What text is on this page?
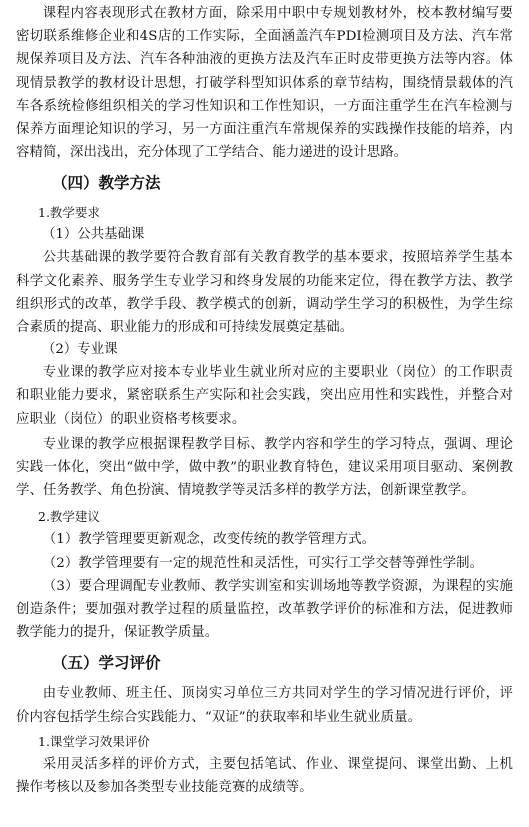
课程内容表现形式在教材方面，除采用中职中专规划教材外，校本教材编写要密切联系维修企业和4S店的工作实际，全面涵盖汽车PDI检测项目及方法、汽车常规保养项目及方法、汽车各种油液的更换方法及汽车正时皮带更换方法等内容。体现情景教学的教材设计思想，打破学科型知识体系的章节结构，围绕情景载体的汽车各系统检修组织相关的学习性知识和工作性知识，一方面注重学生在汽车检测与保养方面理论知识的学习，另一方面注重汽车常规保养的实践操作技能的培养，内容精简，深出浅出，充分体现了工学结合、能力递进的设计思路。

（四）教学方法
1.教学要求
（1）公共基础课

公共基础课的教学要符合教育部有关教育教学的基本要求，按照培养学生基本科学文化素养、服务学生专业学习和终身发展的功能来定位，得在教学方法、教学组织形式的改革，教学手段、教学模式的创新，调动学生学习的积极性，为学生综合素质的提高、职业能力的形成和可持续发展奠定基础。

（2）专业课

专业课的教学应对接本专业毕业生就业所对应的主要职业（岗位）的工作职责和职业能力要求，紧密联系生产实际和社会实践，突出应用性和实践性，并整合对应职业（岗位）的职业资格考核要求。

专业课的教学应根据课程教学目标、教学内容和学生的学习特点，强调、理论实践一体化，突出“做中学，做中教”的职业教育特色，建议采用项目驱动、案例教学、任务教学、角色扮演、情境教学等灵活多样的教学方法，创新课堂教学。

2.教学建议

（1）教学管理要更新观念，改变传统的教学管理方式。

（2）教学管理要有一定的规范性和灵活性，可实行工学交替等弹性学制。

（3）要合理调配专业教师、教学实训室和实训场地等教学资源，为课程的实施创造条件；要加强对教学过程的质量监控，改革教学评价的标准和方法，促进教师教学能力的提升，保证教学质量。

（五）学习评价

由专业教师、班主任、顶岗实习单位三方共同对学生的学习情况进行评价，评价内容包括学生综合实践能力、“双证”的获取率和毕业生就业质量。

1.课堂学习效果评价

采用灵活多样的评价方式，主要包括笔试、作业、课堂提问、课堂出勤、上机操作考核以及参加各类型专业技能竞赛的成绩等。
